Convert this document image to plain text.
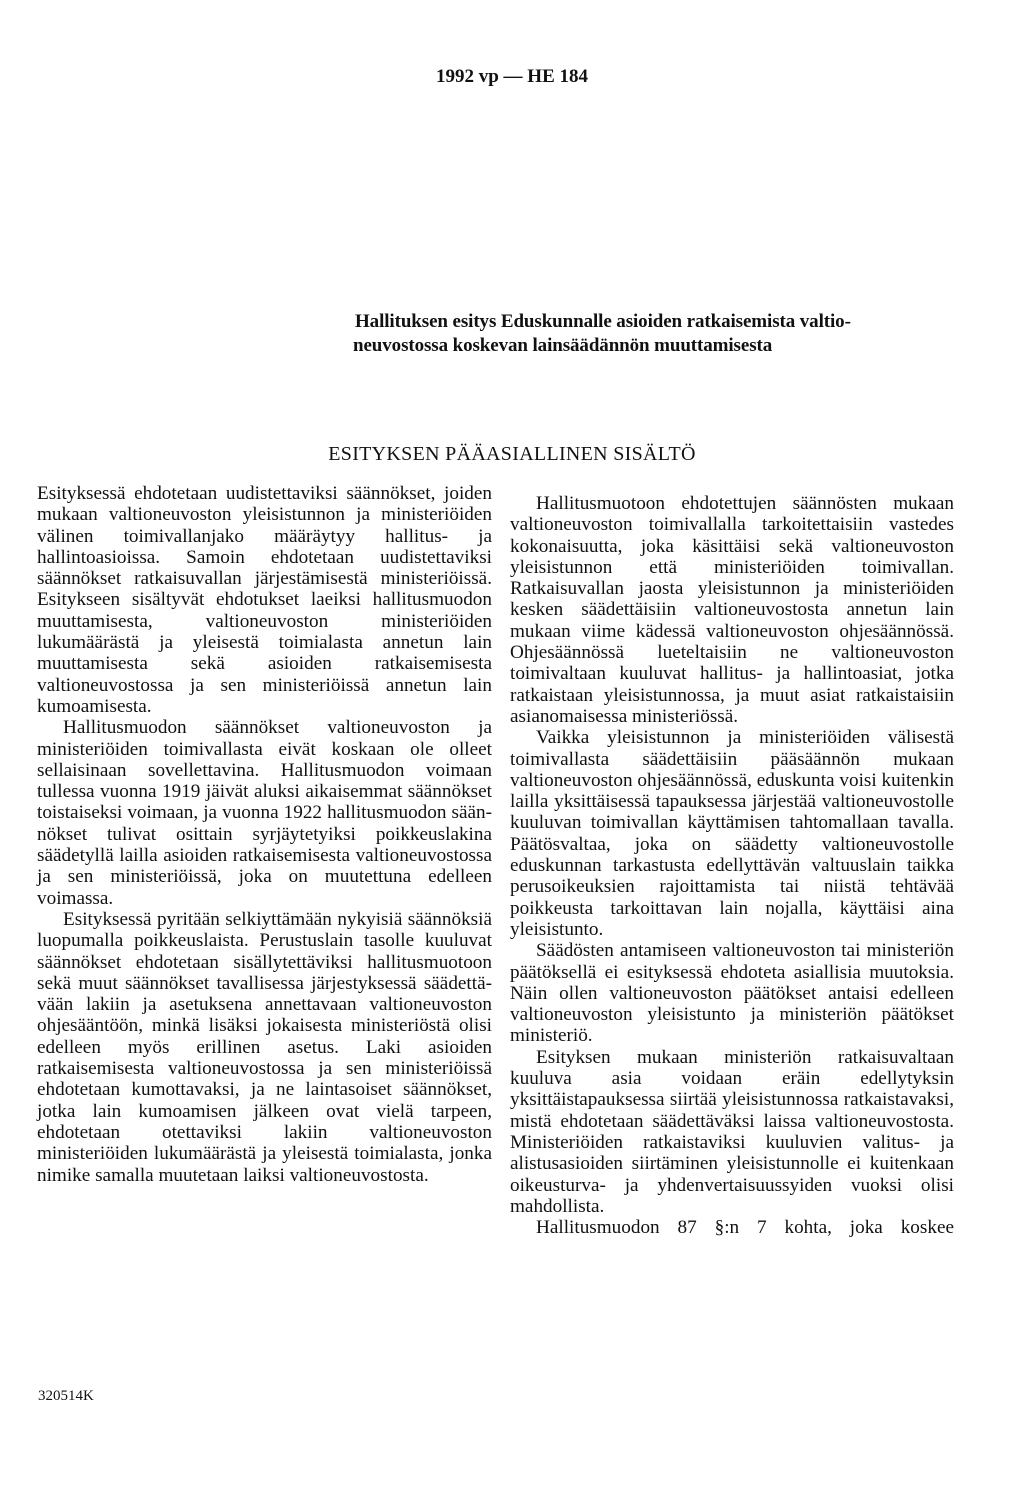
1992 vp — HE 184
Hallituksen esitys Eduskunnalle asioiden ratkaisemista valtio-
neuvostossa koskevan lainsäädännön muuttamisesta
ESITYKSEN PÄÄASIALLINEN SISÄLTÖ

Esityksessä ehdotetaan uudistettaviksi säännökset, joiden mukaan valtioneuvoston yleisistunnon ja ministeriöiden välinen toimivallanjako määräytyy hallitus- ja hallintoasioissa. Samoin ehdotetaan uudistettaviksi säännökset ratkaisuvallan järjestämisestä ministeriöissä. Esitykseen sisältyvät ehdotukset laeiksi hallitusmuodon muuttamisesta, valtioneuvoston ministeriöiden lukumäärästä ja yleisestä toimialasta annetun lain muuttamisesta sekä asioiden ratkaisemisesta valtioneuvostossa ja sen ministeriöissä annetun lain kumoamisesta.

Hallitusmuodon säännökset valtioneuvoston ja ministeriöiden toimivallasta eivät koskaan ole olleet sellaisinaan sovellettavina. Hallitusmuodon voimaan tullessa vuonna 1919 jäivät aluksi aikaisemmat säännökset toistaiseksi voimaan, ja vuonna 1922 hallitusmuodon säännökset tulivat osittain syrjäytetyiksi poikkeuslakina säädetyllä lailla asioiden ratkaisemisesta valtioneuvostossa ja sen ministeriöissä, joka on muutettuna edelleen voimassa.

Esityksessä pyritään selkiyttämään nykyisiä säännöksiä luopumalla poikkeuslaista. Perustuslain tasolle kuuluvat säännökset ehdotetaan sisällytettäviksi hallitusmuotoon sekä muut säännökset tavallisessa järjestyksessä säädettävään lakiin ja asetuksena annettavaan valtioneuvoston ohjesääntöön, minkä lisäksi jokaisesta ministeriöstä olisi edelleen myös erillinen asetus. Laki asioiden ratkaisemisesta valtioneuvostossa ja sen ministeriöissä ehdotetaan kumottavaksi, ja ne laintasoiset säännökset, jotka lain kumoamisen jälkeen ovat vielä tarpeen, ehdotetaan otettaviksi lakiin valtioneuvoston ministeriöiden lukumäärästä ja yleisestä toimialasta, jonka nimike samalla muutetaan laiksi valtioneuvostosta.

Hallitusmuotoon ehdotettujen säännösten mukaan valtioneuvoston toimivallalla tarkoitettaisiin vastedes kokonaisuutta, joka käsittäisi sekä valtioneuvoston yleisistunnon että ministeriöiden toimivallan. Ratkaisuvallan jaosta yleisistunnon ja ministeriöiden kesken säädettäisiin valtioneuvostosta annetun lain mukaan viime kädessä valtioneuvoston ohjesäännössä. Ohjesäännössä lueteltaisiin ne valtioneuvoston toimivaltaan kuuluvat hallitus- ja hallintoasiat, jotka ratkaistaan yleisistunnossa, ja muut asiat ratkaistaisiin asianomaisessa ministeriössä.

Vaikka yleisistunnon ja ministeriöiden välisestä toimivallasta säädettäisiin pääsäännön mukaan valtioneuvoston ohjesäännössä, eduskunta voisi kuitenkin lailla yksittäisessä tapauksessa järjestää valtioneuvostolle kuuluvan toimivallan käyttämisen tahtomallaan tavalla. Päätösvaltaa, joka on säädetty valtioneuvostolle eduskunnan tarkastusta edellyttävän valtuuslain taikka perusoikeuksien rajoittamista tai niistä tehtävää poikkeusta tarkoittavan lain nojalla, käyttäisi aina yleisistunto.

Säädösten antamiseen valtioneuvoston tai ministeriön päätöksellä ei esityksessä ehdoteta asiallisia muutoksia. Näin ollen valtioneuvoston päätökset antaisi edelleen valtioneuvoston yleisistunto ja ministeriön päätökset ministeriö.

Esityksen mukaan ministeriön ratkaisuvaltaan kuuluva asia voidaan eräin edellytyksin yksittäistapauksessa siirtää yleisistunnossa ratkaistavaksi, mistä ehdotetaan säädettäväksi laissa valtioneuvostosta. Ministeriöiden ratkaistaviksi kuuluvien valitus- ja alistusasioiden siirtäminen yleisistunnolle ei kuitenkaan oikeusturva- ja yhdenvertaisuussyiden vuoksi olisi mahdollista.

Hallitusmuodon 87 §:n 7 kohta, joka koskee

320514K
